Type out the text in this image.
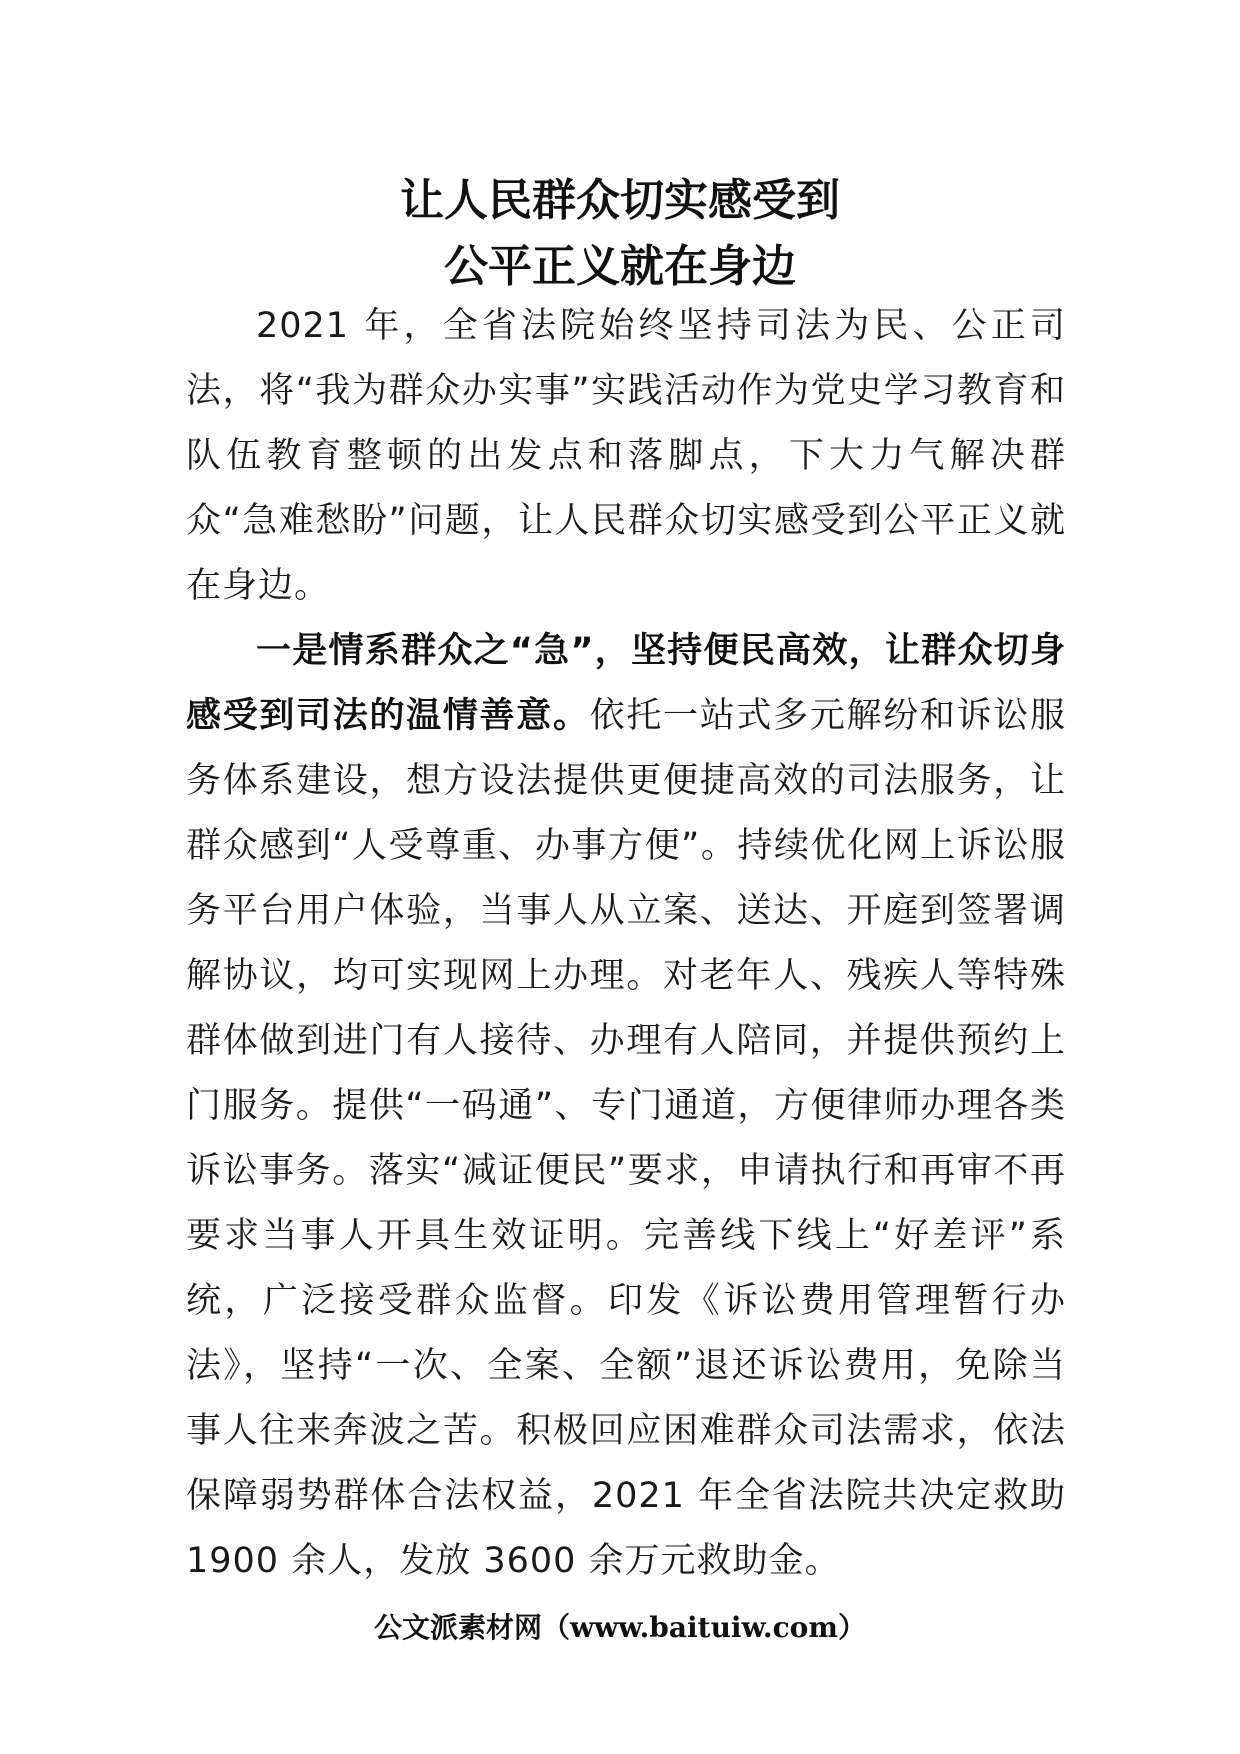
让人民群众切实感受到
公平正义就在身边

2021 年，全省法院始终坚持司法为民、公正司法，将“我为群众办实事”实践活动作为党史学习教育和队伍教育整顿的出发点和落脚点，下大力气解决群众“急难愁盼”问题，让人民群众切实感受到公平正义就在身边。

一是情系群众之“急”，坚持便民高效，让群众切身感受到司法的温情善意。依托一站式多元解纷和诉讼服务体系建设，想方设法提供更便捷高效的司法服务，让群众感到“人受尊重、办事方便”。持续优化网上诉讼服务平台用户体验，当事人从立案、送达、开庭到签署调解协议，均可实现网上办理。对老年人、残疾人等特殊群体做到进门有人接待、办理有人陪同，并提供预约上门服务。提供“一码通”、专门通道，方便律师办理各类诉讼事务。落实“减证便民”要求，申请执行和再审不再要求当事人开具生效证明。完善线下线上“好差评”系统，广泛接受群众监督。印发《诉讼费用管理暂行办法》，坚持“一次、全案、全额”退还诉讼费用，免除当事人往来奔波之苦。积极回应困难群众司法需求，依法保障弱势群体合法权益，2021 年全省法院共决定救助 1900 余人，发放 3600 余万元救助金。

公文派素材网（www.baituiw.com）
